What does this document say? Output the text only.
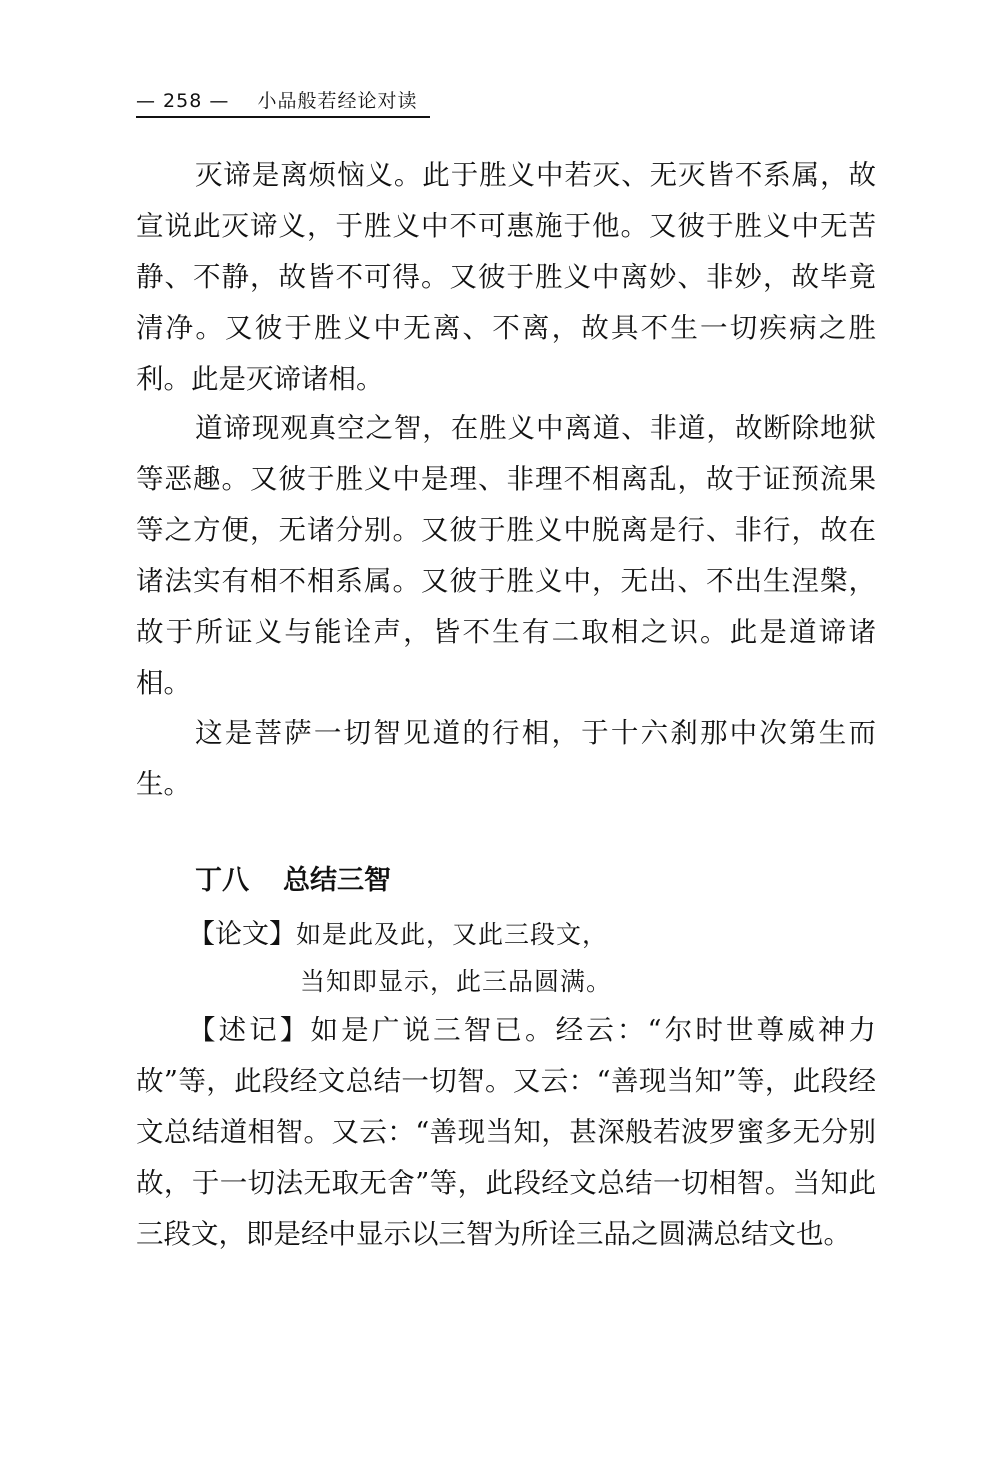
— 258 — 小品般若经论对读

灭谛是离烦恼义。此于胜义中若灭、无灭皆不系属，故宣说此灭谛义，于胜义中不可惠施于他。又彼于胜义中无苦静、不静，故皆不可得。又彼于胜义中离妙、非妙，故毕竟清净。又彼于胜义中无离、不离，故具不生一切疾病之胜利。此是灭谛诸相。

道谛现观真空之智，在胜义中离道、非道，故断除地狱等恶趣。又彼于胜义中是理、非理不相离乱，故于证预流果等之方便，无诸分别。又彼于胜义中脱离是行、非行，故在诸法实有相不相系属。又彼于胜义中，无出、不出生涅槃，故于所证义与能诠声，皆不生有二取相之识。此是道谛诸相。

这是菩萨一切智见道的行相，于十六刹那中次第生而生。

丁八 总结三智
【论文】如是此及此，又此三段文，
当知即显示，此三品圆满。

【述记】如是广说三智已。经云：“尔时世尊威神力故”等，此段经文总结一切智。又云：“善现当知”等，此段经文总结道相智。又云：“善现当知，甚深般若波罗蜜多无分别故，于一切法无取无舍”等，此段经文总结一切相智。当知此三段文，即是经中显示以三智为所诠三品之圆满总结文也。
